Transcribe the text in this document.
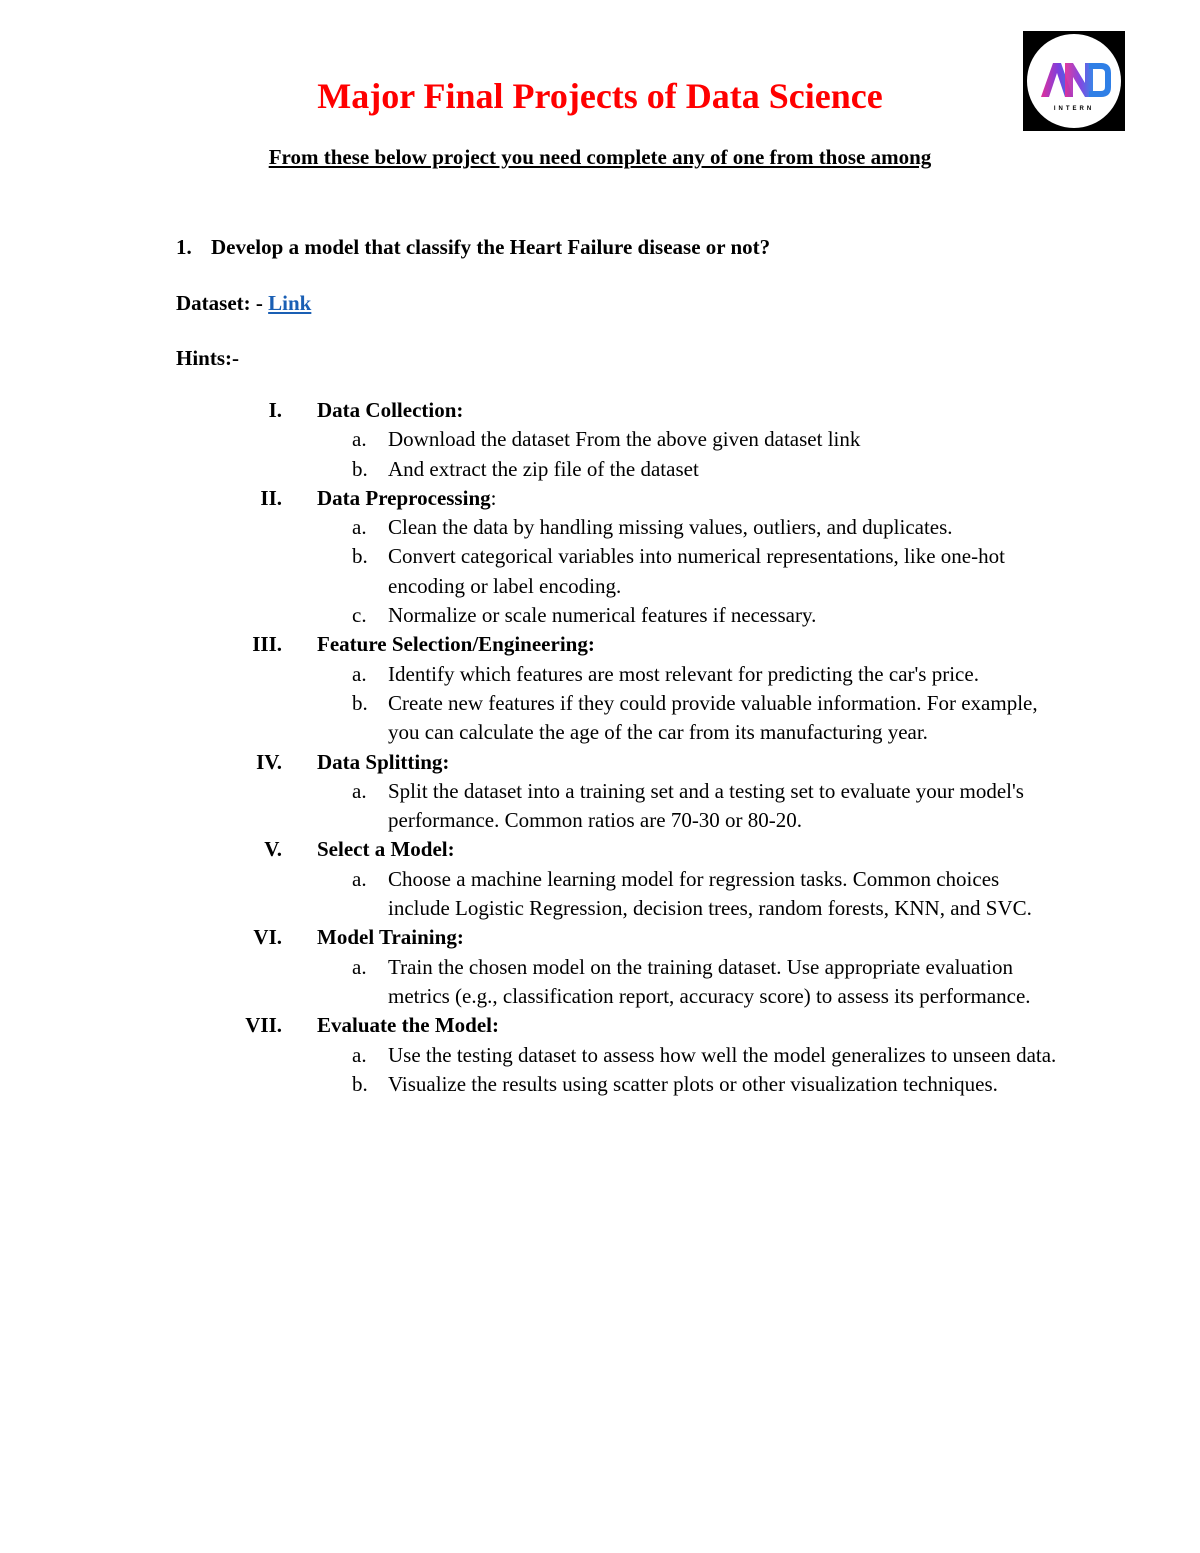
INTERN
Major Final Projects of Data Science
From these below project you need complete any of one from those among
1. Develop a model that classify the Heart Failure disease or not?
Dataset: - Link
Hints:-
I. Data Collection:
a. Download the dataset From the above given dataset link
b. And extract the zip file of the dataset
II. Data Preprocessing:
a. Clean the data by handling missing values, outliers, and duplicates.
b. Convert categorical variables into numerical representations, like one-hot encoding or label encoding.
c. Normalize or scale numerical features if necessary.
III. Feature Selection/Engineering:
a. Identify which features are most relevant for predicting the car's price.
b. Create new features if they could provide valuable information. For example, you can calculate the age of the car from its manufacturing year.
IV. Data Splitting:
a. Split the dataset into a training set and a testing set to evaluate your model's performance. Common ratios are 70-30 or 80-20.
V. Select a Model:
a. Choose a machine learning model for regression tasks. Common choices include Logistic Regression, decision trees, random forests, KNN, and SVC.
VI. Model Training:
a. Train the chosen model on the training dataset. Use appropriate evaluation metrics (e.g., classification report, accuracy score) to assess its performance.
VII. Evaluate the Model:
a. Use the testing dataset to assess how well the model generalizes to unseen data.
b. Visualize the results using scatter plots or other visualization techniques.
